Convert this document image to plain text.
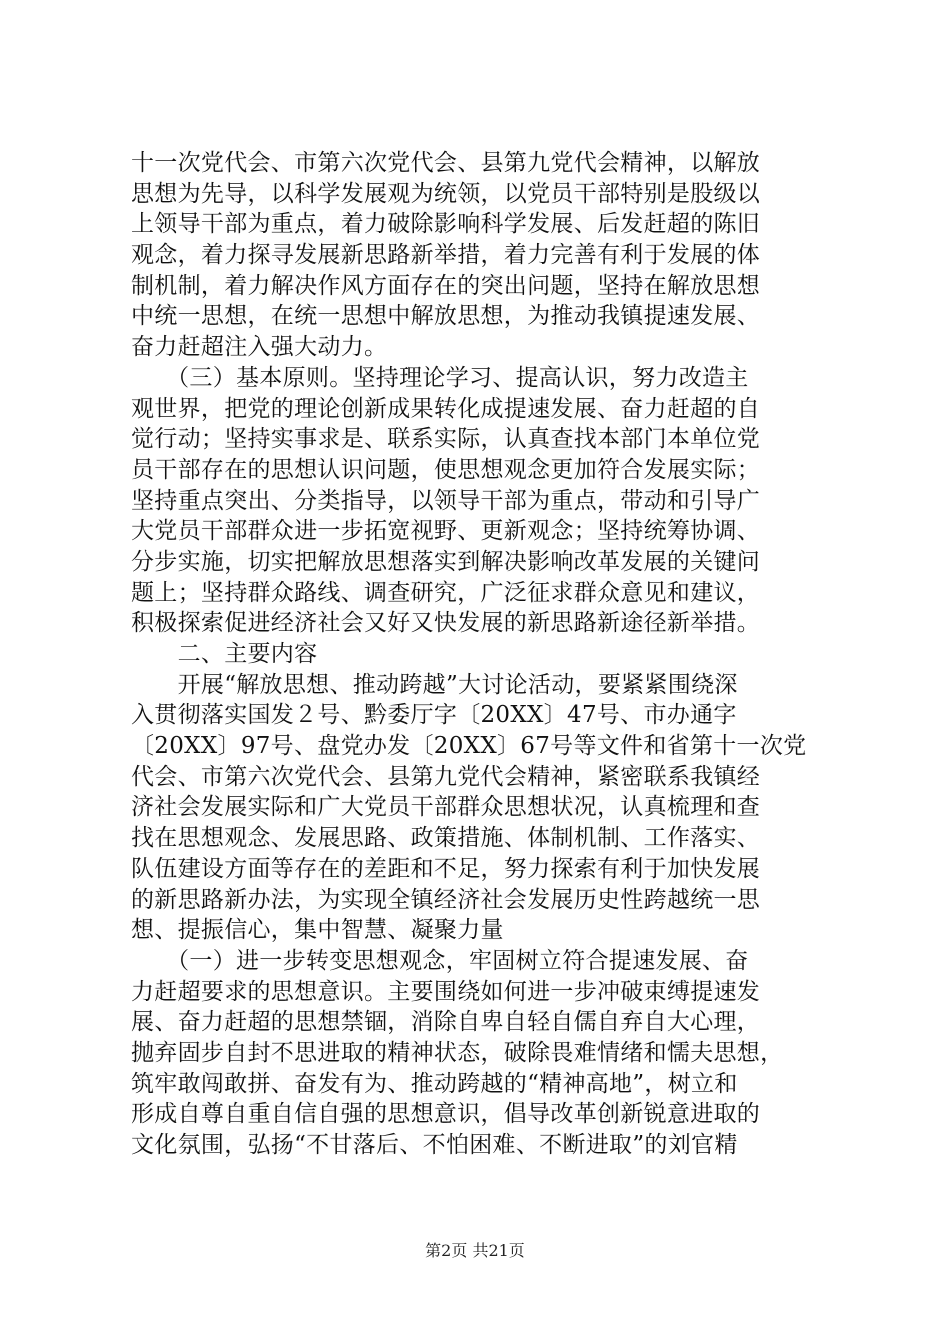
十一次党代会、市第六次党代会、县第九党代会精神，以解放
思想为先导，以科学发展观为统领，以党员干部特别是股级以
上领导干部为重点，着力破除影响科学发展、后发赶超的陈旧
观念，着力探寻发展新思路新举措，着力完善有利于发展的体
制机制，着力解决作风方面存在的突出问题，坚持在解放思想
中统一思想，在统一思想中解放思想，为推动我镇提速发展、
奋力赶超注入强大动力。
　　（三）基本原则。坚持理论学习、提高认识，努力改造主
观世界，把党的理论创新成果转化成提速发展、奋力赶超的自
觉行动；坚持实事求是、联系实际，认真查找本部门本单位党
员干部存在的思想认识问题，使思想观念更加符合发展实际；
坚持重点突出、分类指导，以领导干部为重点，带动和引导广
大党员干部群众进一步拓宽视野、更新观念；坚持统筹协调、
分步实施，切实把解放思想落实到解决影响改革发展的关键问
题上；坚持群众路线、调查研究，广泛征求群众意见和建议，
积极探索促进经济社会又好又快发展的新思路新途径新举措。
　　二、主要内容
　　开展“解放思想、推动跨越”大讨论活动，要紧紧围绕深
入贯彻落实国发２号、黔委厅字〔20XX〕47号、市办通字
〔20XX〕97号、盘党办发〔20XX〕67号等文件和省第十一次党
代会、市第六次党代会、县第九党代会精神，紧密联系我镇经
济社会发展实际和广大党员干部群众思想状况，认真梳理和查
找在思想观念、发展思路、政策措施、体制机制、工作落实、
队伍建设方面等存在的差距和不足，努力探索有利于加快发展
的新思路新办法，为实现全镇经济社会发展历史性跨越统一思
想、提振信心，集中智慧、凝聚力量
　　（一）进一步转变思想观念，牢固树立符合提速发展、奋
力赶超要求的思想意识。主要围绕如何进一步冲破束缚提速发
展、奋力赶超的思想禁锢，消除自卑自轻自儒自弃自大心理，
抛弃固步自封不思进取的精神状态，破除畏难情绪和懦夫思想，
筑牢敢闯敢拼、奋发有为、推动跨越的“精神高地”，树立和
形成自尊自重自信自强的思想意识，倡导改革创新锐意进取的
文化氛围，弘扬“不甘落后、不怕困难、不断进取”的刘官精
第2页 共21页
